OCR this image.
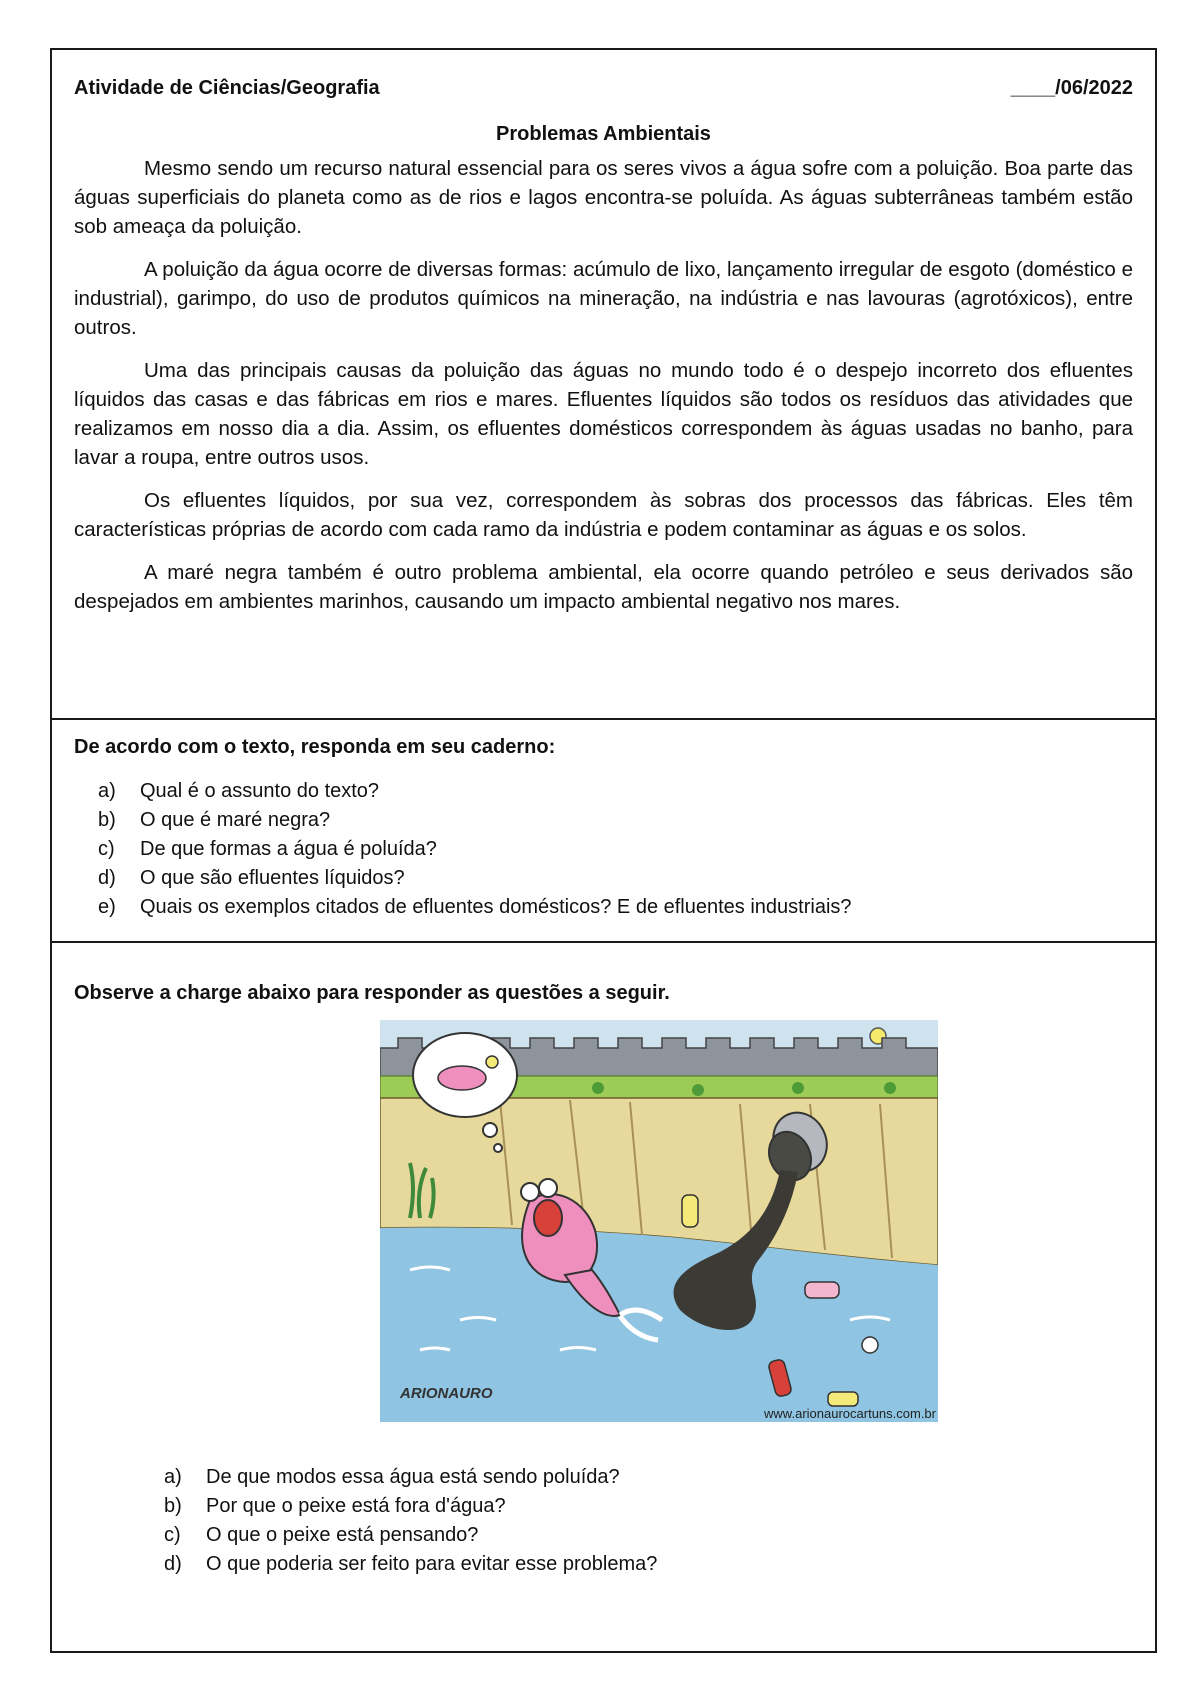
Atividade de Ciências/Geografia	____/06/2022
Problemas Ambientais

Mesmo sendo um recurso natural essencial para os seres vivos a água sofre com a poluição. Boa parte das águas superficiais do planeta como as de rios e lagos encontra-se poluída. As águas subterrâneas também estão sob ameaça da poluição.

A poluição da água ocorre de diversas formas: acúmulo de lixo, lançamento irregular de esgoto (doméstico e industrial), garimpo, do uso de produtos químicos na mineração, na indústria e nas lavouras (agrotóxicos), entre outros.

Uma das principais causas da poluição das águas no mundo todo é o despejo incorreto dos efluentes líquidos das casas e das fábricas em rios e mares. Efluentes líquidos são todos os resíduos das atividades que realizamos em nosso dia a dia. Assim, os efluentes domésticos correspondem às águas usadas no banho, para lavar a roupa, entre outros usos.

Os efluentes líquidos, por sua vez, correspondem às sobras dos processos das fábricas. Eles têm características próprias de acordo com cada ramo da indústria e podem contaminar as águas e os solos.

A maré negra também é outro problema ambiental, ela ocorre quando petróleo e seus derivados são despejados em ambientes marinhos, causando um impacto ambiental negativo nos mares.

De acordo com o texto, responda em seu caderno:
a)	Qual é o assunto do texto?
b)	O que é maré negra?
c)	De que formas a água é poluída?
d)	O que são efluentes líquidos?
e)	Quais os exemplos citados de efluentes domésticos? E de efluentes industriais?
Observe a charge abaixo para responder as questões a seguir.
ARIONAURO
www.arionaurocartuns.com.br
a)	De que modos essa água está sendo poluída?
b)	Por que o peixe está fora d'água?
c)	O que o peixe está pensando?
d)	O que poderia ser feito para evitar esse problema?
